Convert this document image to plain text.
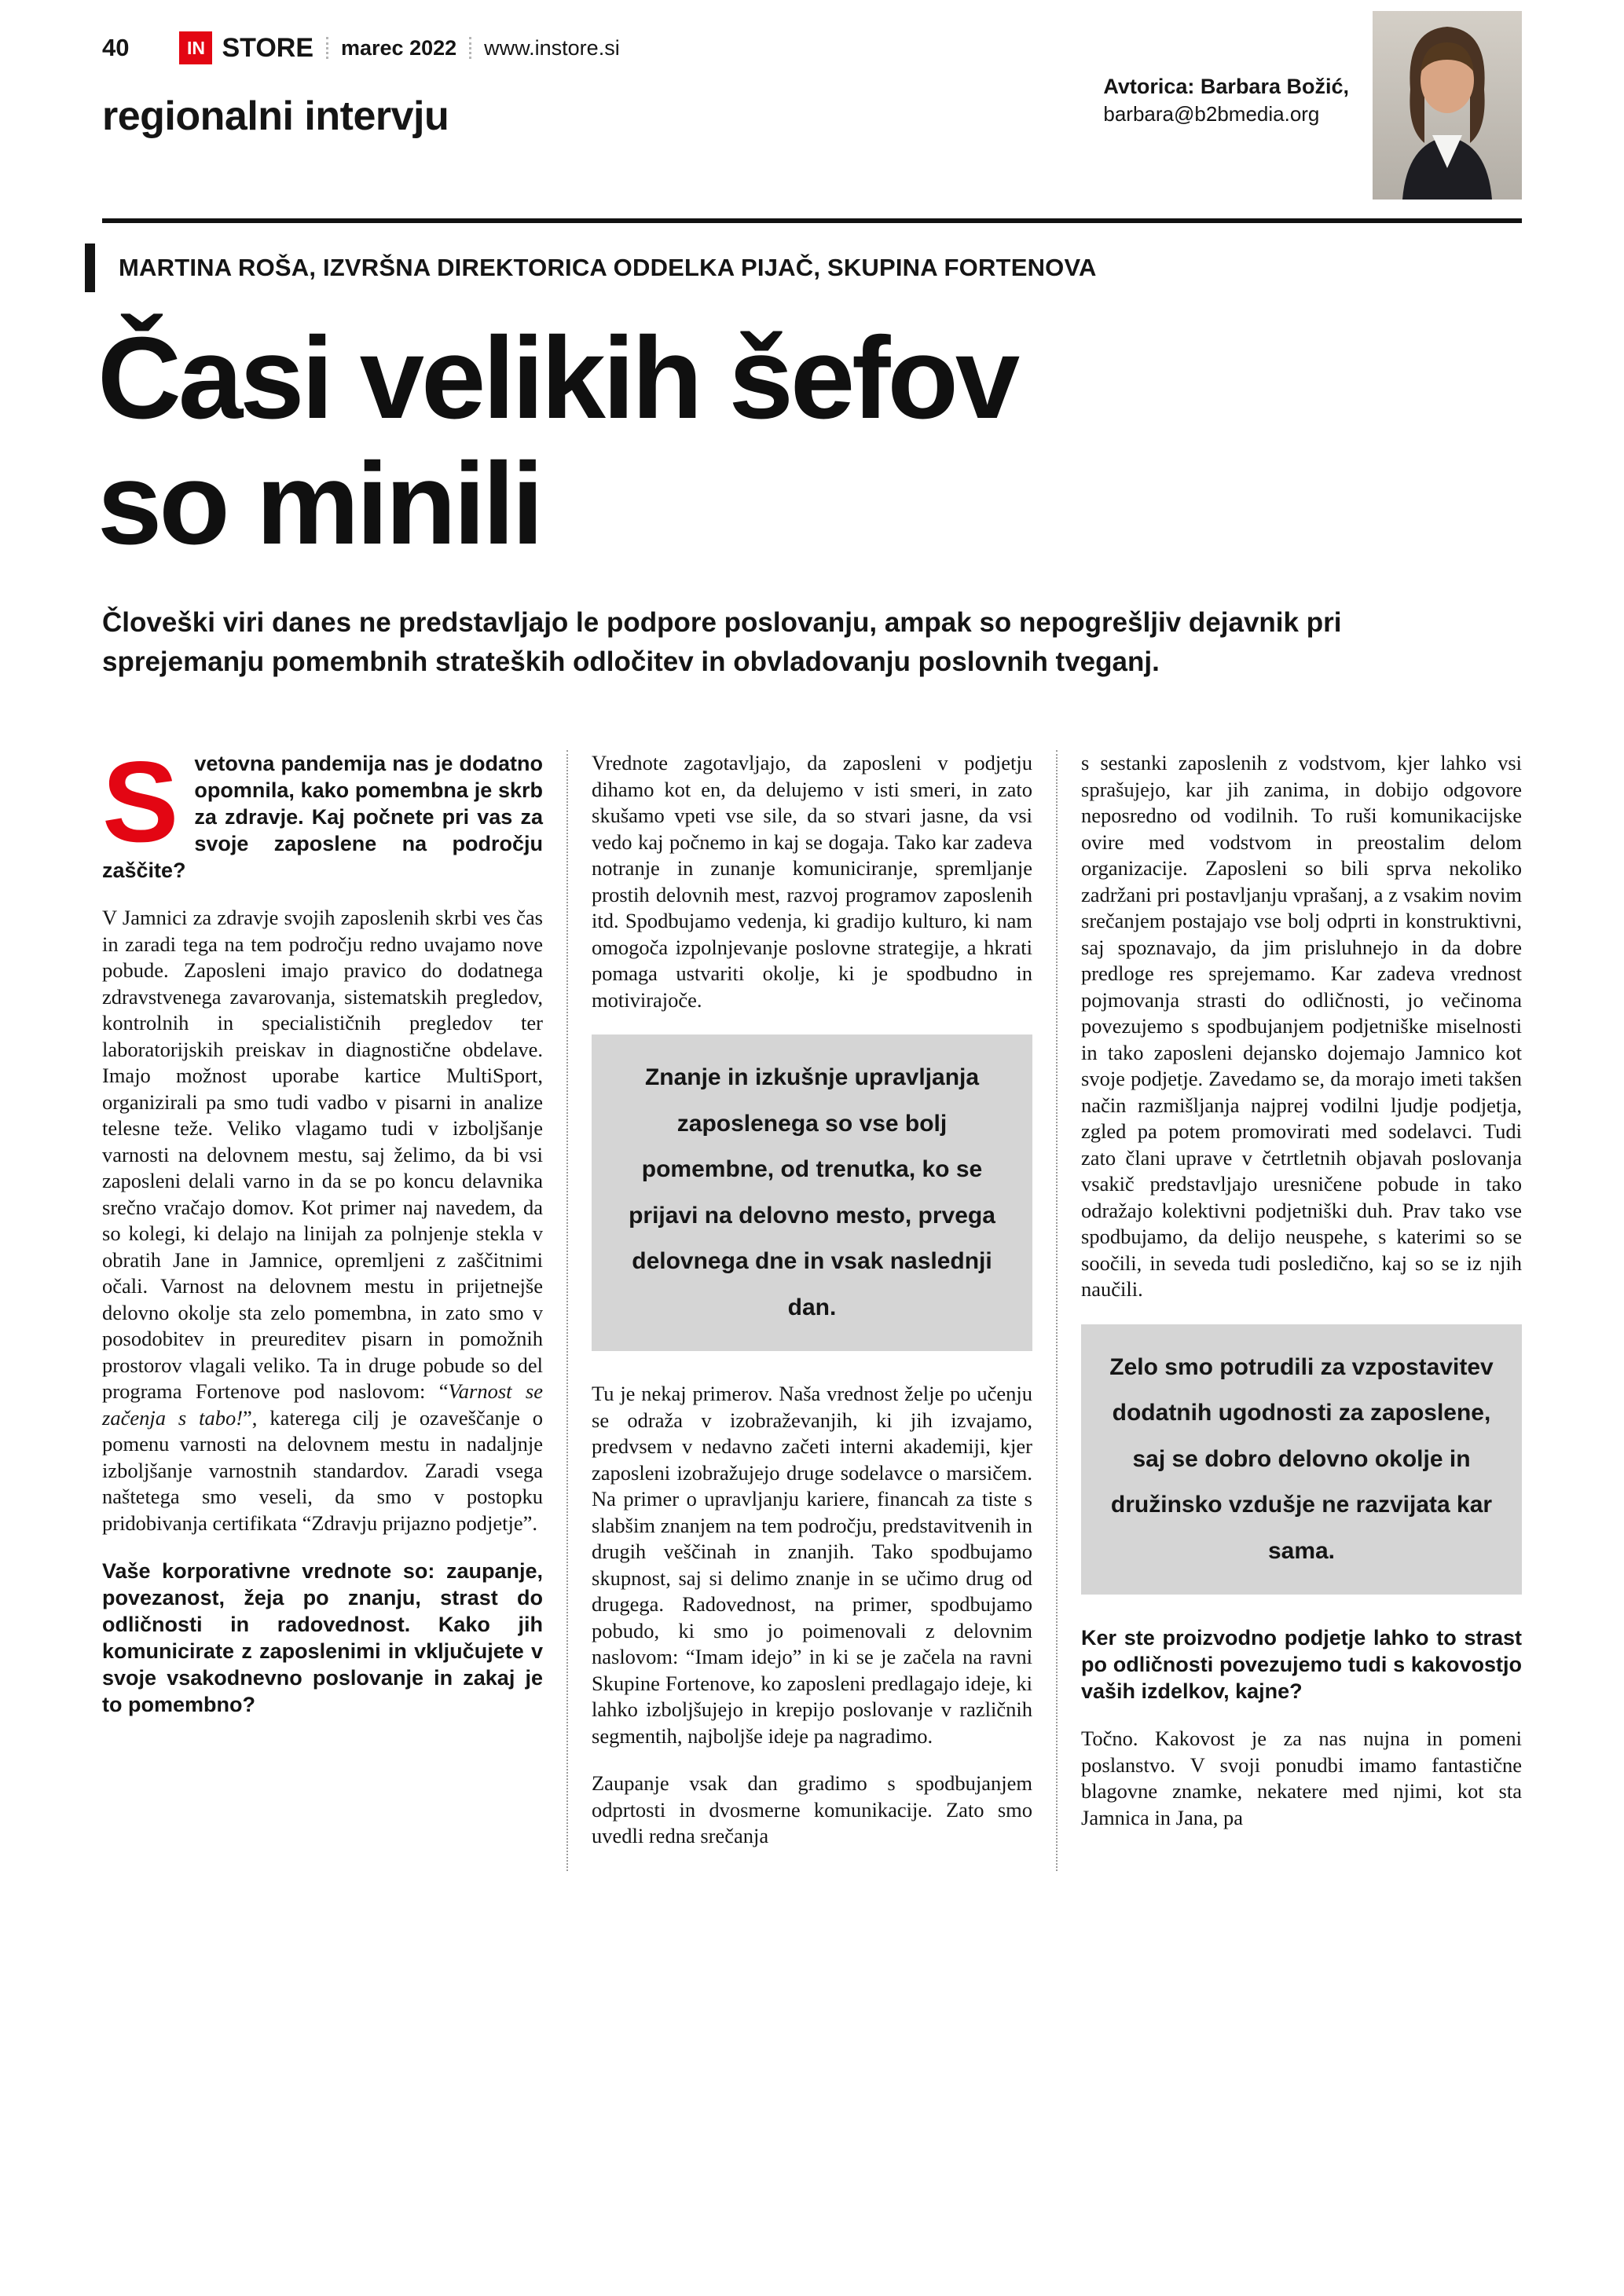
40	IN STORE marec 2022 www.instore.si
regionalni intervju
Avtorica: Barbara Božić,
barbara@b2bmedia.org
MARTINA ROŠA, IZVRŠNA DIREKTORICA ODDELKA PIJAČ, SKUPINA FORTENOVA
Časi velikih šefov
so minili

Človeški viri danes ne predstavljajo le podpore poslovanju, ampak so nepogrešljiv dejavnik pri sprejemanju pomembnih strateških odločitev in obvladovanju poslovnih tveganj.

Svetovna pandemija nas je dodatno opomnila, kako pomembna je skrb za zdravje. Kaj počnete pri vas za svoje zaposlene na področju zaščite?

V Jamnici za zdravje svojih zaposlenih skrbi ves čas in zaradi tega na tem področju redno uvajamo nove pobude. Zaposleni imajo pravico do dodatnega zdravstvenega zavarovanja, sistematskih pregledov, kontrolnih in specialističnih pregledov ter laboratorijskih preiskav in diagnostične obdelave. Imajo možnost uporabe kartice MultiSport, organizirali pa smo tudi vadbo v pisarni in analize telesne teže. Veliko vlagamo tudi v izboljšanje varnosti na delovnem mestu, saj želimo, da bi vsi zaposleni delali varno in da se po koncu delavnika srečno vračajo domov. Kot primer naj navedem, da so kolegi, ki delajo na linijah za polnjenje stekla v obratih Jane in Jamnice, opremljeni z zaščitnimi očali. Varnost na delovnem mestu in prijetnejše delovno okolje sta zelo pomembna, in zato smo v posodobitev in preureditev pisarn in pomožnih prostorov vlagali veliko. Ta in druge pobude so del programa Fortenove pod naslovom: “Varnost se začenja s tabo!”, katerega cilj je ozaveščanje o pomenu varnosti na delovnem mestu in nadaljnje izboljšanje varnostnih standardov. Zaradi vsega naštetega smo veseli, da smo v postopku pridobivanja certifikata “Zdravju prijazno podjetje”.

Vaše korporativne vrednote so: zaupanje, povezanost, žeja po znanju, strast do odličnosti in radovednost. Kako jih komunicirate z zaposlenimi in vključujete v svoje vsakodnevno poslovanje in zakaj je to pomembno?

Vrednote zagotavljajo, da zaposleni v podjetju dihamo kot en, da delujemo v isti smeri, in zato skušamo vpeti vse sile, da so stvari jasne, da vsi vedo kaj počnemo in kaj se dogaja. Tako kar zadeva notranje in zunanje komuniciranje, spremljanje prostih delovnih mest, razvoj programov zaposlenih itd. Spodbujamo vedenja, ki gradijo kulturo, ki nam omogoča izpolnjevanje poslovne strategije, a hkrati pomaga ustvariti okolje, ki je spodbudno in motivirajoče.

Znanje in izkušnje upravljanja zaposlenega so vse bolj pomembne, od trenutka, ko se prijavi na delovno mesto, prvega delovnega dne in vsak naslednji dan.

Tu je nekaj primerov. Naša vrednost želje po učenju se odraža v izobraževanjih, ki jih izvajamo, predvsem v nedavno začeti interni akademiji, kjer zaposleni izobražujejo druge sodelavce o marsičem. Na primer o upravljanju kariere, financah za tiste s slabšim znanjem na tem področju, predstavitvenih in drugih veščinah in znanjih. Tako spodbujamo skupnost, saj si delimo znanje in se učimo drug od drugega. Radovednost, na primer, spodbujamo pobudo, ki smo jo poimenovali z delovnim naslovom: “Imam idejo” in ki se je začela na ravni Skupine Fortenove, ko zaposleni predlagajo ideje, ki lahko izboljšujejo in krepijo poslovanje v različnih segmentih, najboljše ideje pa nagradimo.

Zaupanje vsak dan gradimo s spodbujanjem odprtosti in dvosmerne komunikacije. Zato smo uvedli redna srečanja

s sestanki zaposlenih z vodstvom, kjer lahko vsi sprašujejo, kar jih zanima, in dobijo odgovore neposredno od vodilnih. To ruši komunikacijske ovire med vodstvom in preostalim delom organizacije. Zaposleni so bili sprva nekoliko zadržani pri postavljanju vprašanj, a z vsakim novim srečanjem postajajo vse bolj odprti in konstruktivni, saj spoznavajo, da jim prisluhnejo in da dobre predloge res sprejemamo. Kar zadeva vrednost pojmovanja strasti do odličnosti, jo večinoma povezujemo s spodbujanjem podjetniške miselnosti in tako zaposleni dejansko dojemajo Jamnico kot svoje podjetje. Zavedamo se, da morajo imeti takšen način razmišljanja najprej vodilni ljudje podjetja, zgled pa potem promovirati med sodelavci. Tudi zato člani uprave v četrtletnih objavah poslovanja vsakič predstavljajo uresničene pobude in tako odražajo kolektivni podjetniški duh. Prav tako vse spodbujamo, da delijo neuspehe, s katerimi so se soočili, in seveda tudi posledično, kaj so se iz njih naučili.

Zelo smo potrudili za vzpostavitev dodatnih ugodnosti za zaposlene, saj se dobro delovno okolje in družinsko vzdušje ne razvijata kar sama.

Ker ste proizvodno podjetje lahko to strast po odličnosti povezujemo tudi s kakovostjo vaših izdelkov, kajne?

Točno. Kakovost je za nas nujna in pomeni poslanstvo. V svoji ponudbi imamo fantastične blagovne znamke, nekatere med njimi, kot sta Jamnica in Jana, pa
